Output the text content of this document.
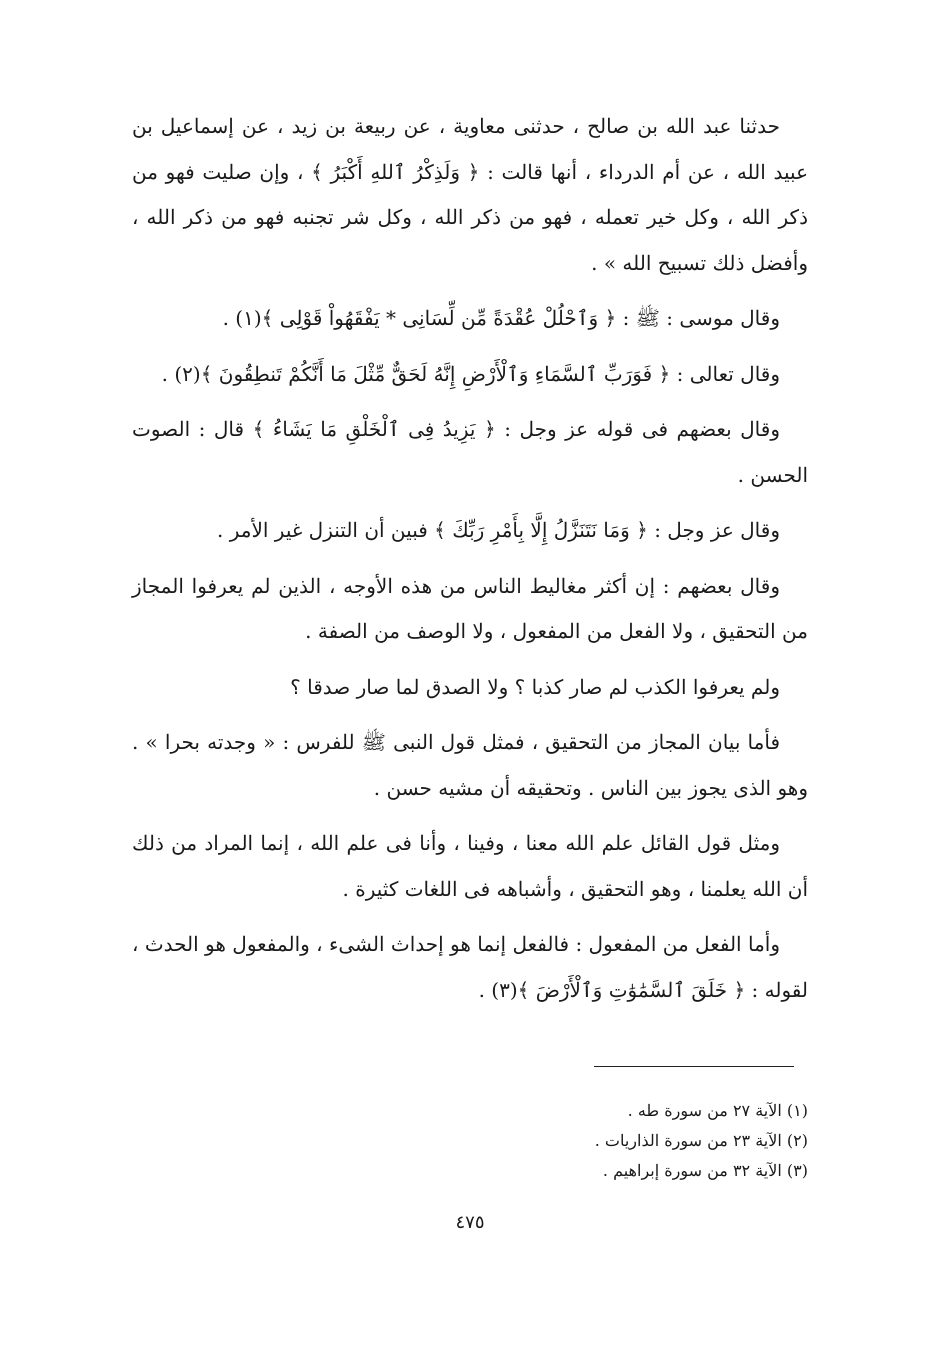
حدثنا عبد الله بن صالح ، حدثنى معاوية ، عن ربيعة بن زيد ، عن إسماعيل بن عبيد الله ، عن أم الدرداء ، أنها قالت : ﴿ وَلَذِكْرُ ٱللهِ أَكْبَرُ ﴾ ، وإن صليت فهو من ذكر الله ، وكل خير تعمله ، فهو من ذكر الله ، وكل شر تجنبه فهو من ذكر الله ، وأفضل ذلك تسبيح الله » .

وقال موسى : ﷺ : ﴿ وَٱحْلُلْ عُقْدَةً مِّن لِّسَانِى * يَفْقَهُواْ قَوْلِى ﴾(١) .

وقال تعالى : ﴿ فَوَرَبِّ ٱلسَّمَاءِ وَٱلْأَرْضِ إِنَّهُ لَحَقٌّ مِّثْلَ مَا أَنَّكُمْ تَنطِقُونَ ﴾(٢) .

وقال بعضهم فى قوله عز وجل : ﴿ يَزِيدُ فِى ٱلْخَلْقِ مَا يَشَاءُ ﴾ قال : الصوت الحسن .

وقال عز وجل : ﴿ وَمَا نَتَنَزَّلُ إِلَّا بِأَمْرِ رَبِّكَ ﴾ فبين أن التنزل غير الأمر .

وقال بعضهم : إن أكثر مغاليط الناس من هذه الأوجه ، الذين لم يعرفوا المجاز من التحقيق ، ولا الفعل من المفعول ، ولا الوصف من الصفة .

ولم يعرفوا الكذب لم صار كذبا ؟ ولا الصدق لما صار صدقا ؟

فأما بيان المجاز من التحقيق ، فمثل قول النبى ﷺ للفرس : « وجدته بحرا » . وهو الذى يجوز بين الناس . وتحقيقه أن مشيه حسن .

ومثل قول القائل علم الله معنا ، وفينا ، وأنا فى علم الله ، إنما المراد من ذلك أن الله يعلمنا ، وهو التحقيق ، وأشباهه فى اللغات كثيرة .

وأما الفعل من المفعول : فالفعل إنما هو إحداث الشىء ، والمفعول هو الحدث ، لقوله : ﴿ خَلَقَ ٱلسَّمَٰوَٰتِ وَٱلْأَرْضَ ﴾(٣) .

(١) الآية ٢٧ من سورة طه .

(٢) الآية ٢٣ من سورة الذاريات .

(٣) الآية ٣٢ من سورة إبراهيم .

٤٧٥
